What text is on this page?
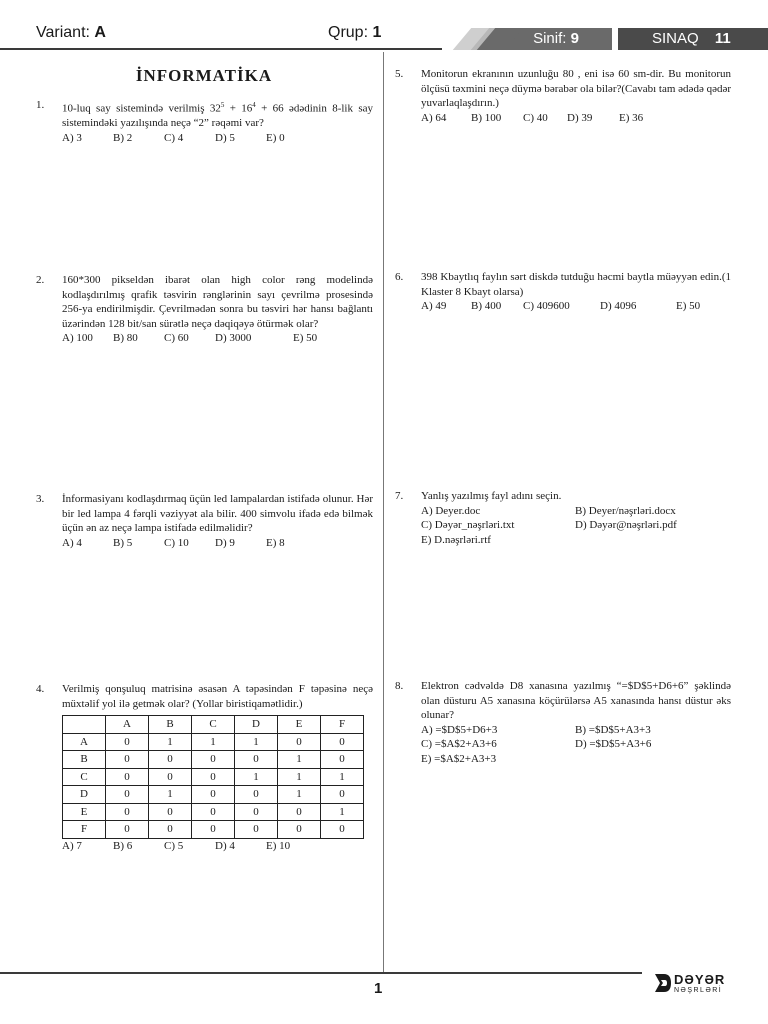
Variant: A	Qrup: 1	Sinif: 9	SINAQ 11
İNFORMATİKA
1. 10-luq say sistemində verilmiş $32^5 + 16^4 + 66$ ədədinin 8-lik say sistemindəki yazılışında neçə “2” rəqəmi var?
A) 3	B) 2	C) 4	D) 5	E) 0
2. 160*300 pikseldən ibarət olan high color rəng modelində kodlaşdırılmış qrafik təsvirin rənglərinin sayı çevrilmə prosesində 256-ya endirilmişdir. Çevrilmədən sonra bu təsviri hər hansı bağlantı üzərindən 128 bit/san sürətlə neçə dəqiqəyə ötürmək olar?
A) 100 B) 80 C) 60 D) 3000	E) 50
3. İnformasiyanı kodlaşdırmaq üçün led lampalardan istifadə olunur. Hər bir led lampa 4 fərqli vəziyyət ala bilir. 400 simvolu ifadə edə bilmək üçün ən az neçə lampa istifadə edilməlidir?
A) 4	B) 5	C) 10 D) 9	E) 8
4. Verilmiş qonşuluq matrisinə əsasən A təpəsindən F təpəsinə neçə müxtəlif yol ilə getmək olar? (Yollar biristiqamətlidir.)
	A	B	C	D	E	F
A	0	1	1	1	0	0
B	0	0	0	0	1	0
C	0	0	0	1	1	1
D	0	1	0	0	1	0
E	0	0	0	0	0	1
F	0	0	0	0	0	0
A) 7	B) 6	C) 5	D) 4	E) 10
5. Monitorun ekranının uzunluğu 80 , eni isə 60 sm-dir. Bu monitorun ölçüsü təxmini neçə düymə bərabər ola bilər?(Cavabı tam ədədə qədər yuvarlaqlaşdırın.)
A) 64 B) 100 C) 40 D) 39 E) 36
6. 398 Kbaytlıq faylın sərt diskdə tutduğu həcmi baytla müəyyən edin.(1 Klaster 8 Kbayt olarsa)
A) 49 B) 400 C) 409600	D) 4096	E) 50
7. Yanlış yazılmış fayl adını seçin.
A) Deyer.doc	B) Deyer/nəşrləri.docx
C) Dəyər_nəşrləri.txt	D) Dəyər@nəşrləri.pdf
E) D.nəşrləri.rtf
8. Elektron cədvəldə D8 xanasına yazılmış “=$D$5+D6+6” şəklində olan düsturu A5 xanasına köçürülərsə A5 xanasında hansı düstur əks olunar?
A) =$D$5+D6+3	B) =$D$5+A3+3
C) =$A$2+A3+6	D) =$D$5+A3+6
E) =$A$2+A3+3
1
DƏYƏR
NƏŞRLƏRİ
